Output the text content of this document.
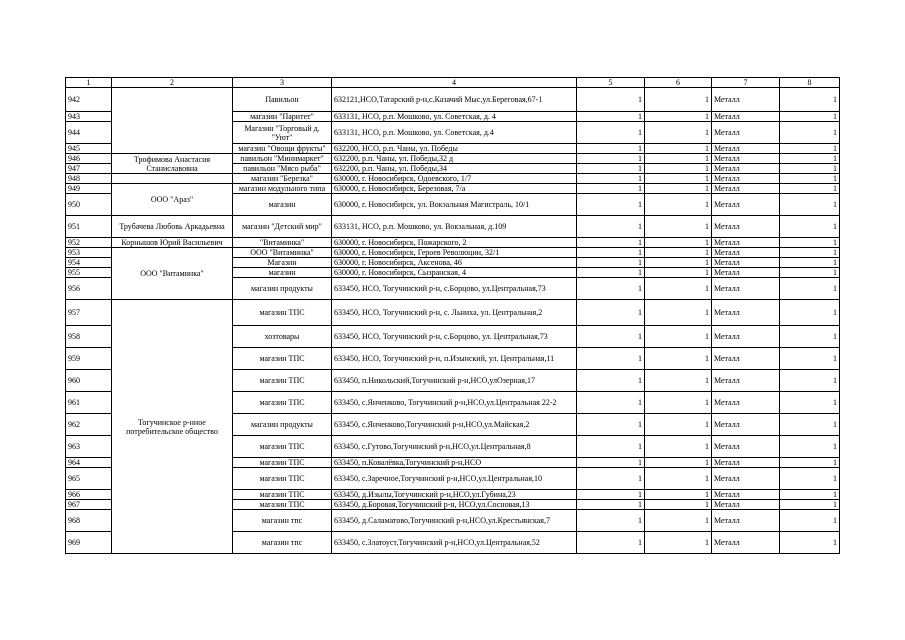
1	2	3	4	5	6	7	8
942		Павильон	632121,НСО,Татарский р-н,с.Казачий Мыс,ул.Береговая,67-1	1	1	Металл	1
943		магазин "Паритет"	633131, НСО, р.п. Мошково, ул. Советская, д. 4	1	1	Металл	1
944		Магазин "Торговый д. "Уют"	633131, НСО, р.п. Мошково, ул. Советская, д.4	1	1	Металл	1
945		магазин "Овощи фрукты"	632200, НСО, р.п. Чаны, ул. Победы	1	1	Металл	1
946	Трофимова Анастасия Станиславовна	павильон "Минимаркет"	632200, р.п. Чаны, ул. Победы,32 д	1	1	Металл	1
947		павильон "Мясо рыба"	632200, р.п. Чаны, ул. Победы,34	1	1	Металл	1
948		магазин "Березка"	630000, г. Новосибирск, Одоевского, 1/7	1	1	Металл	1
949	ООО "Араз"	магазин модульного типа	630000, г. Новосибирск, Березовая, 7/а	1	1	Металл	1
950		магазин	630000, г. Новосибирск, ул. Вокзальная Магистраль, 10/1	1	1	Металл	1
951	Трубачева Любовь Аркадьевна	магазин "Детский мир"	633131, НСО, р.п. Мошково, ул. Вокзальная, д.109	1	1	Металл	1
952	Корнышов Юрий Васильевич	"Витаминка"	630000, г. Новосибирск, Пожарского, 2	1	1	Металл	1
953	ООО "Витаминка"	ООО "Витаминка"	630000, г. Новосибирск, Героев Революции, 32/1	1	1	Металл	1
954		Магазин	630000, г. Новосибирск, Аксенова, 46	1	1	Металл	1
955		магазин	630000, г. Новосибирск, Сызранская, 4	1	1	Металл	1
956		магазин продукты	633450, НСО, Тогучинский р-н, с.Борцово, ул.Центральная,73	1	1	Металл	1
957	Тогучинское р-нное потребительское общество	магазин ТПС	633450, НСО, Тогучинский р-н, с. Льниха, ул. Центральная,2	1	1	Металл	1
958		хозтовары	633450, НСО, Тогучинский р-н, с.Борцово, ул. Центральная,73	1	1	Металл	1
959		магазин ТПС	633450, НСО, Тогучинский р-н, п.Изынский, ул. Центральная,11	1	1	Металл	1
960		магазин ТПС	633450, п.Никольский,Тогучинский р-н,НСО,улОзерная,17	1	1	Металл	1
961		магазин ТПС	633450, с.Янченково, Тогучинский р-н,НСО,ул.Центральная 22-2	1	1	Металл	1
962		магазин продукты	633450, с.Янченково,Тогучинский р-н,НСО,ул.Майская,2	1	1	Металл	1
963		магазин ТПС	633450, с.Гутово,Тогучинский р-н,НСО,ул.Центральная,8	1	1	Металл	1
964		магазин ТПС	633450, п.Ковалёвка,Тогучинский р-н,НСО	1	1	Металл	1
965		магазин ТПС	633450, с.Заречное,Тогучинский р-н,НСО,ул.Центральная,10	1	1	Металл	1
966		магазин ТПС	633450, д.Изылы,Тогучинский р-н,НСО,ул.Губина,23	1	1	Металл	1
967		магазин ТПС	633450, д.Боровая,Тогучинский р-н, НСО,ул.Сосновая,13	1	1	Металл	1
968		магазин тпс	633450, д.Саламатово,Тогучинский р-н,НСО,ул.Крестьянская,7	1	1	Металл	1
969		магазин тпс	633450, с.Златоуст,Тогучинский р-н,НСО,ул.Центральная,52	1	1	Металл	1
